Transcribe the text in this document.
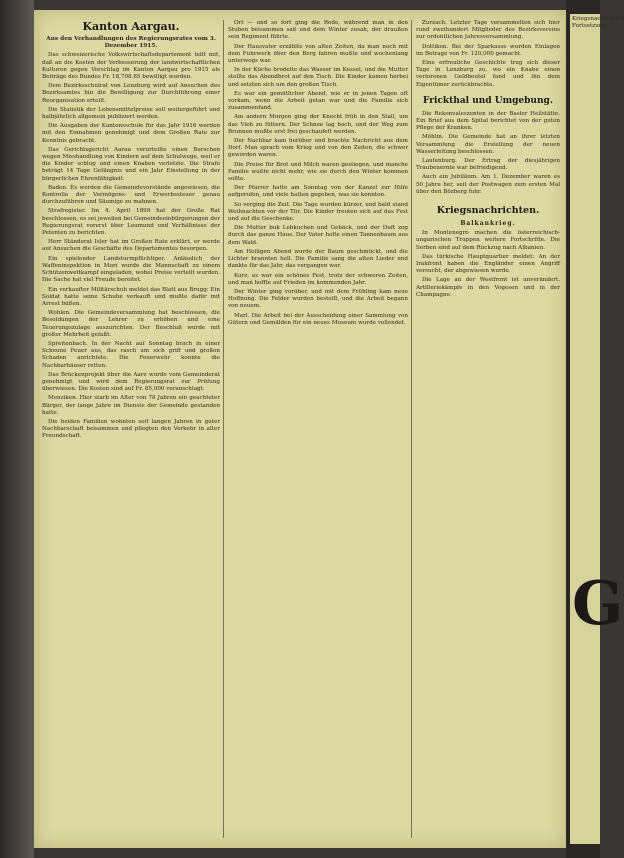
Kanton Aargau.
Aus den Verhandlungen des Regierungsrates vom 3. Dezember 1915.

Das schweizerische Volkswirtschaftsdepartement teilt mit, daß an die Kosten der Verbesserung der landwirtschaftlichen Kulturen gegen Vorschlag im Kanton Aargau pro 1915 als Beiträge des Bundes Fr. 18,708.85 bewilligt wurden.

Dem Bezirksschulrat von Lenzburg wird auf Ansuchen des Bezirksamtes hin die Bewilligung zur Durchführung einer Reorganisation erteilt.

Die Statistik der Lebensmittelpreise soll weitergeführt und halbjährlich allgemein publiziert werden.

Die Ausgaben der Kantonsschule für das Jahr 1916 werden mit den Einnahmen genehmigt und dem Großen Rate zur Kenntnis gebracht.

Das Gerichtsgericht Aarau verurteilte einen Burschen wegen Misshandlung von Kindern auf dem Schulwege, weil er die Kinder schlug und einen Knaben verletzte. Die Strafe beträgt 14 Tage Gefängnis und ein Jahr Einstellung in der bürgerlichen Ehrenfähigkeit.

Baden. Es werden die Gemeindevorstände angewiesen, die Kontrolle der Vermögens- und Erwerbssteuer genau durchzuführen und Säumige zu mahnen.

Strafregister. Im 4. April 1899 hat der Große Rat beschlossen, es sei jeweilen bei Gemeindeeinbürgerungen der Regierungsrat vorerst über Leumund und Verhältnisse der Petenten zu berichten.

Herr Ständerat Isler hat im Großen Rate erklärt, er werde auf Ansuchen die Geschäfte des Departementes besorgen.

Ein spielender Landsturmpflichtiger. Anlässlich der Waffeninspektion in Muri wurde die Mannschaft zu einem Schützenwettkampf eingeladen, wobei Preise verteilt wurden. Die Sache hat viel Freude bereitet.

Ein verkaufter Militärschuh meldet das Blatt aus Brugg: Ein Soldat hatte seine Schuhe verkauft und mußte dafür mit Arrest büßen.

Wohlen. Die Gemeindeversammlung hat beschlossen, die Besoldungen der Lehrer zu erhöhen und eine Teuerungszulage auszurichten. Der Beschluß wurde mit großer Mehrheit gefaßt.

Spreitenbach. In der Nacht auf Sonntag brach in einer Scheune Feuer aus, das rasch um sich griff und großen Schaden anrichtete. Die Feuerwehr konnte die Nachbarhäuser retten.

Das Brückenprojekt über die Aare wurde vom Gemeinderat genehmigt und wird dem Regierungsrat zur Prüfung überwiesen. Die Kosten sind auf Fr. 85,000 veranschlagt.

Menziken. Hier starb im Alter von 78 Jahren ein geachteter Bürger, der lange Jahre im Dienste der Gemeinde gestanden hatte.

Die beiden Familien wohnten seit langen Jahren in guter Nachbarschaft beisammen und pflegten den Verkehr in alter Freundschaft.

Ort — und so fort ging die Rede, während man in den Stuben beisammen saß und dem Winter zusah, der draußen sein Regiment führte.

Der Hausvater erzählte von alten Zeiten, da man noch mit dem Fuhrwerk über den Berg fahren mußte und wochenlang unterwegs war.

In der Küche brodelte das Wasser im Kessel, und die Mutter stellte das Abendbrot auf den Tisch. Die Kinder kamen herbei und setzten sich um den großen Tisch.

Es war ein gemütlicher Abend, wie er in jenen Tagen oft vorkam, wenn die Arbeit getan war und die Familie sich zusammenfand.

Am andern Morgen ging der Knecht früh in den Stall, um das Vieh zu füttern. Der Schnee lag hoch, und der Weg zum Brunnen mußte erst frei geschaufelt werden.

Der Nachbar kam herüber und brachte Nachricht aus dem Dorf. Man sprach vom Krieg und von den Zeiten, die schwer geworden waren.

Die Preise für Brot und Milch waren gestiegen, und manche Familie wußte nicht mehr, wie sie durch den Winter kommen sollte.

Der Pfarrer hatte am Sonntag von der Kanzel zur Hilfe aufgerufen, und viele hatten gegeben, was sie konnten.

So verging die Zeit. Die Tage wurden kürzer, und bald stand Weihnachten vor der Tür. Die Kinder freuten sich auf das Fest und auf die Geschenke.

Die Mutter buk Lebkuchen und Gebäck, und der Duft zog durch das ganze Haus. Der Vater holte einen Tannenbaum aus dem Wald.

Am Heiligen Abend wurde der Baum geschmückt, und die Lichter brannten hell. Die Familie sang die alten Lieder und dankte für das Jahr, das vergangen war.

Kurz, es war ein schönes Fest, trotz der schweren Zeiten, und man hoffte auf Frieden im kommenden Jahr.

Der Winter ging vorüber, und mit dem Frühling kam neue Hoffnung. Die Felder wurden bestellt, und die Arbeit begann von neuem.

Marl. Die Arbeit bei der Ausscheidung einer Sammlung von Gütern und Gemälden für ein neues Museum wurde vollendet.

Zurzach. Letzter Tage versammelten sich hier rund zweihundert Mitglieder des Bezirksvereins zur ordentlichen Jahresversammlung.

Dottikon. Bei der Sparkasse wurden Einlagen im Betrage von Fr. 120,000 gemacht.

Eine erfreuliche Geschichte trug sich dieser Tage in Lenzburg zu, wo ein Knabe einen verlorenen Geldbeutel fand und ihn dem Eigentümer zurückbrachte.

Frickthal und Umgebung.

Die Rekonvaleszenten in der Basler Heilstätte. Ein Brief aus dem Spital berichtet von der guten Pflege der Kranken.

Möhlin. Die Gemeinde hat an ihrer letzten Versammlung die Erstellung der neuen Wasserleitung beschlossen.

Laufenburg. Der Ertrag der diesjährigen Traubenernte war befriedigend.

Auch ein Jubiläum. Am 1. Dezember waren es 50 Jahre her, seit der Postwagen zum ersten Mal über den Bözberg fuhr.

Kriegsnachrichten.
Balkankrieg.

In Montenegro machen die österreichisch-ungarischen Truppen weitere Fortschritte. Die Serben sind auf dem Rückzug nach Albanien.

Das türkische Hauptquartier meldet: An der Irakfront haben die Engländer einen Angriff versucht, der abgewiesen wurde.

Die Lage an der Westfront ist unverändert. Artilleriekämpfe in den Vogesen und in der Champagne.

Kriegsnachrichten Fortsetzung
G
